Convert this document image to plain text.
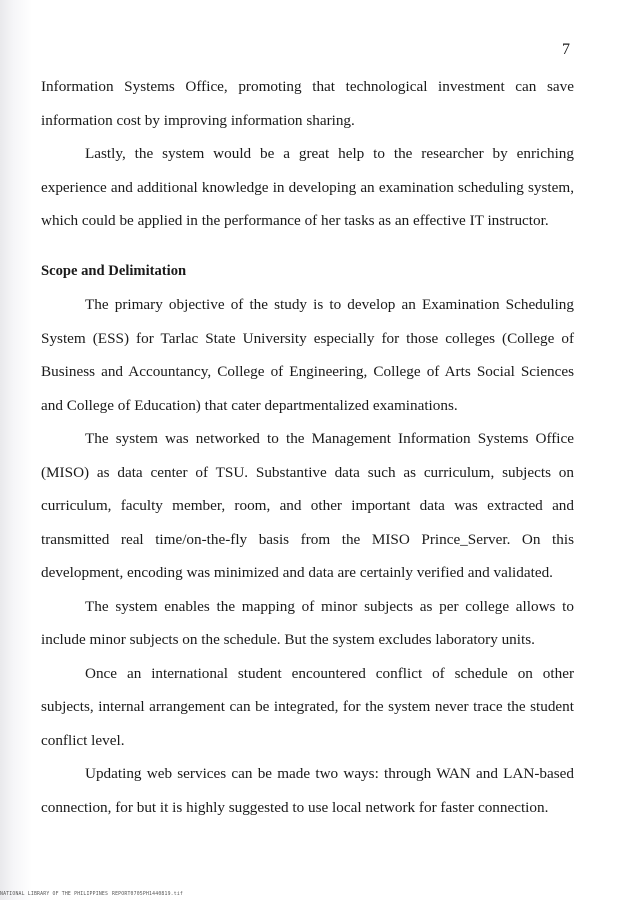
7

Information Systems Office, promoting that technological investment can save information cost by improving information sharing.

Lastly, the system would be a great help to the researcher by enriching experience and additional knowledge in developing an examination scheduling system, which could be applied in the performance of her tasks as an effective IT instructor.

Scope and Delimitation

The primary objective of the study is to develop an Examination Scheduling System (ESS) for Tarlac State University especially for those colleges (College of Business and Accountancy, College of Engineering, College of Arts Social Sciences and College of Education) that cater departmentalized examinations.

The system was networked to the Management Information Systems Office (MISO) as data center of TSU. Substantive data such as curriculum, subjects on curriculum, faculty member, room, and other important data was extracted and transmitted real time/on-the-fly basis from the MISO Prince_Server. On this development, encoding was minimized and data are certainly verified and validated.

The system enables the mapping of minor subjects as per college allows to include minor subjects on the schedule. But the system excludes laboratory units.

Once an international student encountered conflict of schedule on other subjects, internal arrangement can be integrated, for the system never trace the student conflict level.

Updating web services can be made two ways: through WAN and LAN-based connection, for but it is highly suggested to use local network for faster connection.

NATIONAL LIBRARY OF THE PHILIPPINES REPORT0705PH1440819.tif
